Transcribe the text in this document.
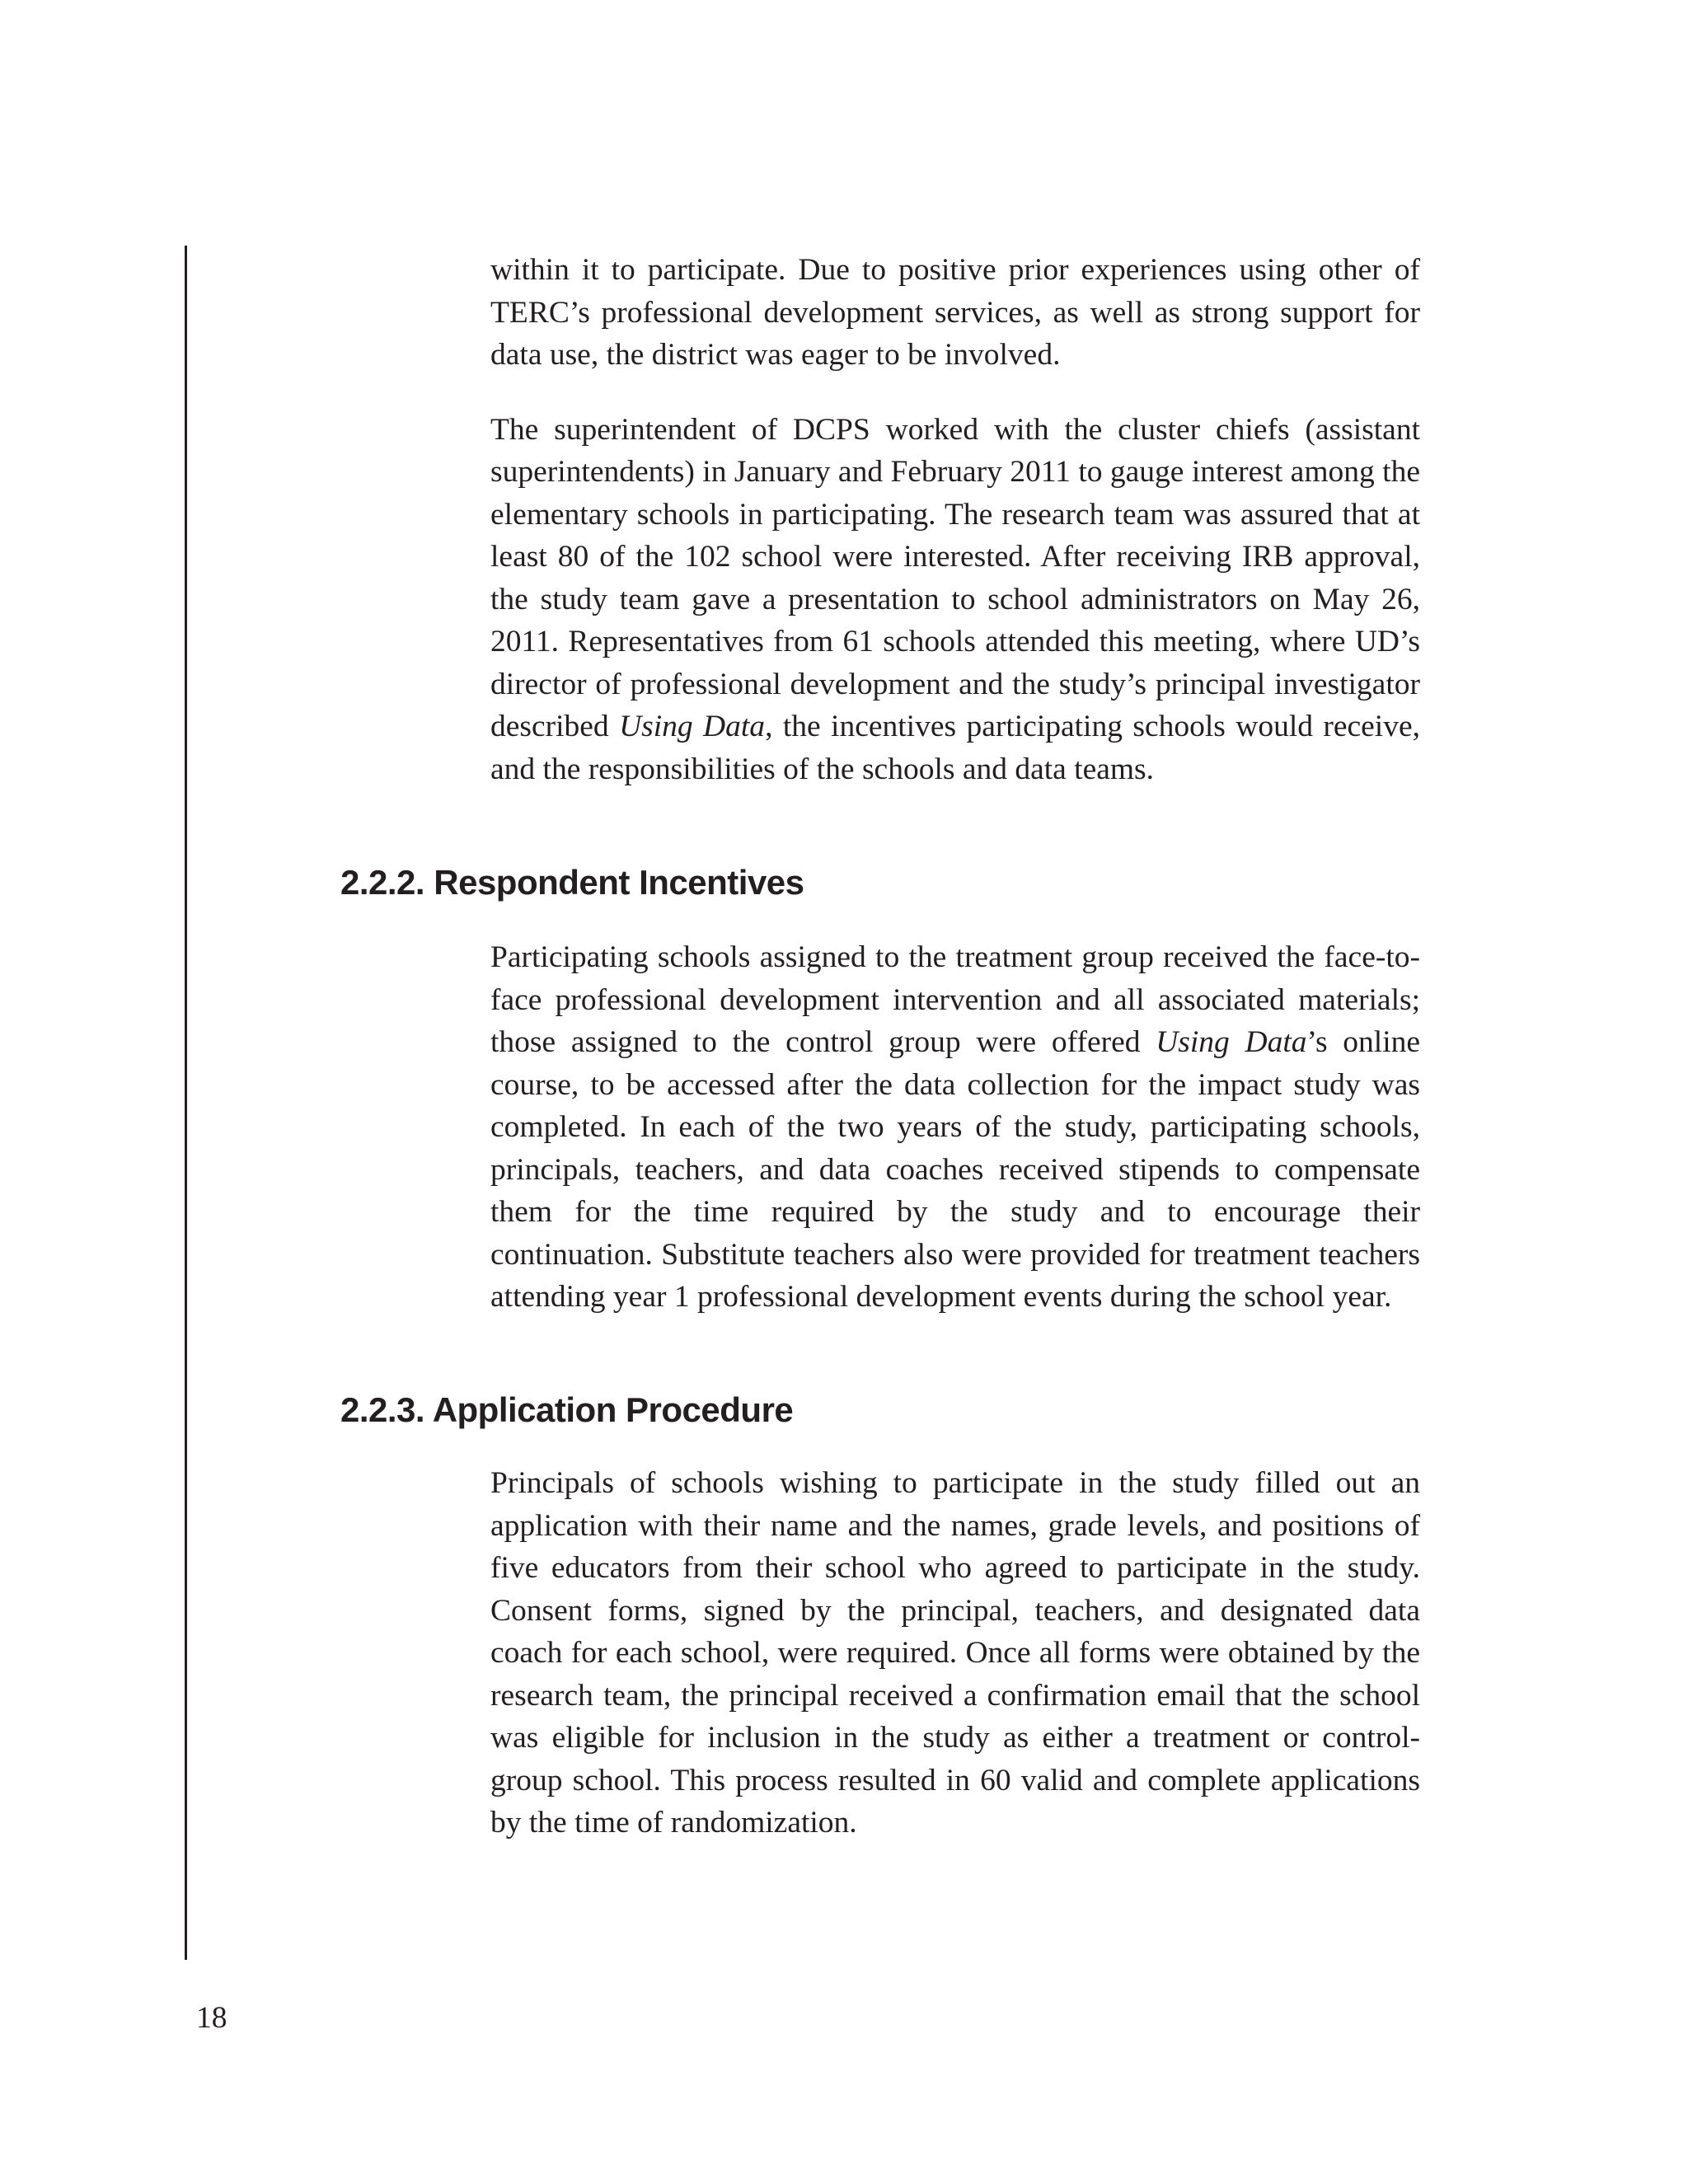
within it to participate. Due to positive prior experiences using other of TERC’s professional development services, as well as strong support for data use, the district was eager to be involved.

The superintendent of DCPS worked with the cluster chiefs (assistant superintendents) in January and February 2011 to gauge interest among the elementary schools in participating. The research team was assured that at least 80 of the 102 school were interested. After receiving IRB approval, the study team gave a presentation to school administrators on May 26, 2011. Representatives from 61 schools attended this meeting, where UD’s director of professional development and the study’s principal investigator described Using Data, the incentives participating schools would receive, and the responsibilities of the schools and data teams.

2.2.2. Respondent Incentives

Participating schools assigned to the treatment group received the face-to-face professional development intervention and all associated materials; those assigned to the control group were offered Using Data’s online course, to be accessed after the data collection for the impact study was completed. In each of the two years of the study, participating schools, principals, teachers, and data coaches received stipends to compensate them for the time required by the study and to encourage their continuation. Substitute teachers also were provided for treatment teachers attending year 1 professional development events during the school year.

2.2.3. Application Procedure

Principals of schools wishing to participate in the study filled out an application with their name and the names, grade levels, and positions of five educators from their school who agreed to participate in the study. Consent forms, signed by the principal, teachers, and designated data coach for each school, were required. Once all forms were obtained by the research team, the principal received a confirmation email that the school was eligible for inclusion in the study as either a treatment or control-group school. This process resulted in 60 valid and complete applications by the time of randomization.

18
